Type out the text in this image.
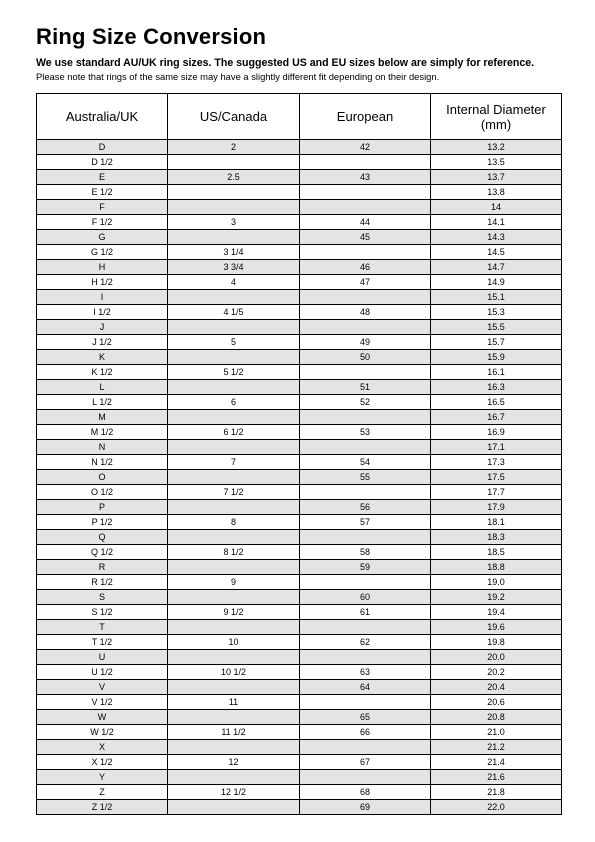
Ring Size Conversion
We use standard AU/UK ring sizes. The suggested US and EU sizes below are simply for reference.
Please note that rings of the same size may have a slightly different fit depending on their design.
Australia/UK	US/Canada	European	Internal Diameter (mm)
D	2	42	13.2
D 1/2			13.5
E	2.5	43	13.7
E 1/2			13.8
F			14
F 1/2	3	44	14.1
G		45	14.3
G 1/2	3 1/4		14.5
H	3 3/4	46	14.7
H 1/2	4	47	14.9
I			15.1
I 1/2	4 1/5	48	15.3
J			15.5
J 1/2	5	49	15.7
K		50	15.9
K 1/2	5 1/2		16.1
L		51	16.3
L 1/2	6	52	16.5
M			16.7
M 1/2	6 1/2	53	16.9
N			17.1
N 1/2	7	54	17.3
O		55	17.5
O 1/2	7 1/2		17.7
P		56	17.9
P 1/2	8	57	18.1
Q			18.3
Q 1/2	8 1/2	58	18.5
R		59	18.8
R 1/2	9		19.0
S		60	19.2
S 1/2	9 1/2	61	19.4
T			19.6
T 1/2	10	62	19.8
U			20.0
U 1/2	10 1/2	63	20.2
V		64	20.4
V 1/2	11		20.6
W		65	20.8
W 1/2	11 1/2	66	21.0
X			21.2
X 1/2	12	67	21.4
Y			21.6
Z	12 1/2	68	21.8
Z 1/2		69	22.0
